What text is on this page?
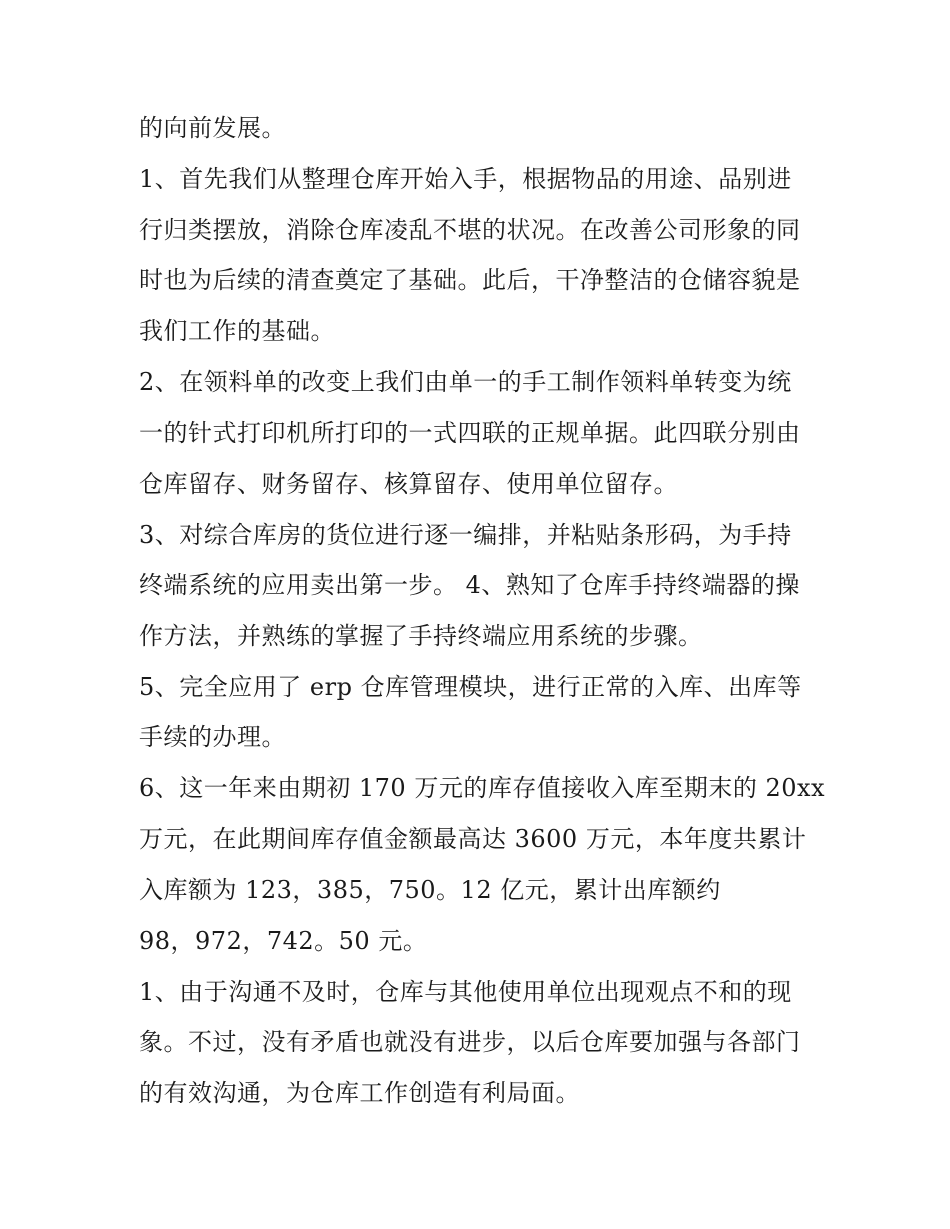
的向前发展。
1、首先我们从整理仓库开始入手，根据物品的用途、品别进
行归类摆放，消除仓库凌乱不堪的状况。在改善公司形象的同
时也为后续的清查奠定了基础。此后，干净整洁的仓储容貌是
我们工作的基础。
2、在领料单的改变上我们由单一的手工制作领料单转变为统
一的针式打印机所打印的一式四联的正规单据。此四联分别由
仓库留存、财务留存、核算留存、使用单位留存。
3、对综合库房的货位进行逐一编排，并粘贴条形码，为手持
终端系统的应用卖出第一步。 4、熟知了仓库手持终端器的操
作方法，并熟练的掌握了手持终端应用系统的步骤。
5、完全应用了 erp 仓库管理模块，进行正常的入库、出库等
手续的办理。
6、这一年来由期初 170 万元的库存值接收入库至期末的 20xx
万元，在此期间库存值金额最高达 3600 万元，本年度共累计
入库额为 123，385，750。12 亿元，累计出库额约
98，972，742。50 元。
1、由于沟通不及时，仓库与其他使用单位出现观点不和的现
象。不过，没有矛盾也就没有进步，以后仓库要加强与各部门
的有效沟通，为仓库工作创造有利局面。
